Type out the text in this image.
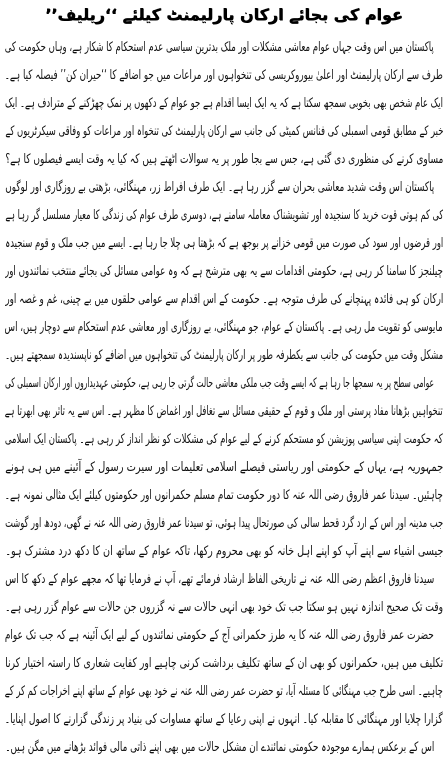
عوام کی بجائے ارکان پارلیمنٹ کیلئے ‘‘ریلیف’’
پاکستان میں اس وقت جہاں عوام معاشی مشکلات اور ملک بدترین سیاسی عدم استحکام کا شکار ہے، وہاں حکومت کی
طرف سے ارکان پارلیمنٹ اور اعلیٰ بیوروکریسی کی تنخواہوں اور مراعات میں جو اضافے کا ‘‘حیران کن’’ فیصلہ کیا ہے۔
ایک عام شخص بھی بخوبی سمجھ سکتا ہے کہ یہ ایک ایسا اقدام ہے جو عوام کے دکھوں پر نمک چھڑکنے کے مترادف ہے۔ ایک
خبر کے مطابق قومی اسمبلی کی فنانس کمیٹی کی جانب سے ارکان پارلیمنٹ کی تنخواہ اور مراعات کو وفاقی سیکرٹریوں کے
مساوی کرنے کی منظوری دی گئی ہے، جس سے بجا طور پر یہ سوالات اٹھتے ہیں کہ کیا یہ وقت ایسے فیصلوں کا ہے؟
پاکستان اس وقت شدید معاشی بحران سے گزر رہا ہے۔ ایک طرف افراط زر، مہنگائی، بڑھتی بے روزگاری اور لوگوں
کی کم ہوتی قوت خرید کا سنجیدہ اور تشویشناک معاملہ سامنے ہے، دوسری طرف عوام کی زندگی کا معیار مسلسل گر رہا ہے
اور قرضوں اور سود کی صورت میں قومی خزانے پر بوجھ ہے کہ بڑھتا ہی چلا جا رہا ہے۔ ایسے میں جب ملک و قوم سنجیدہ
چیلنجز کا سامنا کر رہی ہے، حکومتی اقدامات سے یہ بھی مترشح ہے کہ وہ عوامی مسائل کی بجائے منتخب نمائندوں اور
ارکان کو ہی فائدہ پہنچانے کی طرف متوجہ ہے۔ حکومت کے اس اقدام سے عوامی حلقوں میں بے چینی، غم و غصہ اور
مایوسی کو تقویت مل رہی ہے۔ پاکستان کے عوام، جو مہنگائی، بے روزگاری اور معاشی عدم استحکام سے دوچار ہیں، اس
مشکل وقت میں حکومت کی جانب سے یکطرفہ طور پر ارکان پارلیمنٹ کی تنخواہوں میں اضافے کو ناپسندیدہ سمجھتے ہیں۔
عوامی سطح پر یہ سمجھا جا رہا ہے کہ ایسے وقت جب ملکی معاشی حالت گرتی جا رہی ہے، حکومتی عہدیداروں اور ارکان اسمبلی کی
تنخواہیں بڑھانا مفاد پرستی اور ملک و قوم کے حقیقی مسائل سے تغافل اور اغماض کا مظہر ہے۔ اس سے یہ تاثر بھی ابھرتا ہے
کہ حکومت اپنی سیاسی پوزیشن کو مستحکم کرنے کے لیے عوام کی مشکلات کو نظر انداز کر رہی ہے۔ پاکستان ایک اسلامی
جمہوریہ ہے، یہاں کے حکومتی اور ریاستی فیصلے اسلامی تعلیمات اور سیرت رسول کے آئینے میں ہی ہونے
چاہئیں۔ سیدنا عمر فاروق رضی اللہ عنہ کا دور حکومت تمام مسلم حکمرانوں اور حکومتوں کیلئے ایک مثالی نمونہ ہے۔
جب مدینہ اور اس کے ارد گرد قحط سالی کی صورتحال پیدا ہوئی، تو سیدنا عمر فاروق رضی اللہ عنہ نے گھی، دودھ اور گوشت
جیسی اشیاء سے اپنے آپ کو اپنے اہل خانہ کو بھی محروم رکھا، تاکہ عوام کے ساتھ ان کا دکھ درد مشترک ہو۔
سیدنا فاروق اعظم رضی اللہ عنہ نے تاریخی الفاظ ارشاد فرمائے تھے، آپ نے فرمایا تھا کہ مجھے عوام کے دکھ کا اس
وقت تک صحیح اندازہ نہیں ہو سکتا جب تک خود بھی انہی حالات سے نہ گزروں جن حالات سے عوام گزر رہی ہے۔
حضرت عمر فاروق رضی اللہ عنہ کا یہ طرز حکمرانی آج کے حکومتی نمائندوں کے لیے ایک آئینہ ہے کہ جب تک عوام
تکلیف میں ہیں، حکمرانوں کو بھی ان کے ساتھ تکلیف برداشت کرنی چاہیے اور کفایت شعاری کا راستہ اختیار کرنا
چاہیے۔ اسی طرح جب مہنگائی کا مسئلہ آیا، تو حضرت عمر رضی اللہ عنہ نے خود بھی عوام کے ساتھ اپنے اخراجات کم کر کے
گزارا چلایا اور مہنگائی کا مقابلہ کیا۔ انہوں نے اپنی رعایا کے ساتھ مساوات کی بنیاد پر زندگی گزارنے کا اصول اپنایا۔
اس کے برعکس ہمارے موجودہ حکومتی نمائندے ان مشکل حالات میں بھی اپنے ذاتی مالی فوائد بڑھانے میں مگن ہیں۔
